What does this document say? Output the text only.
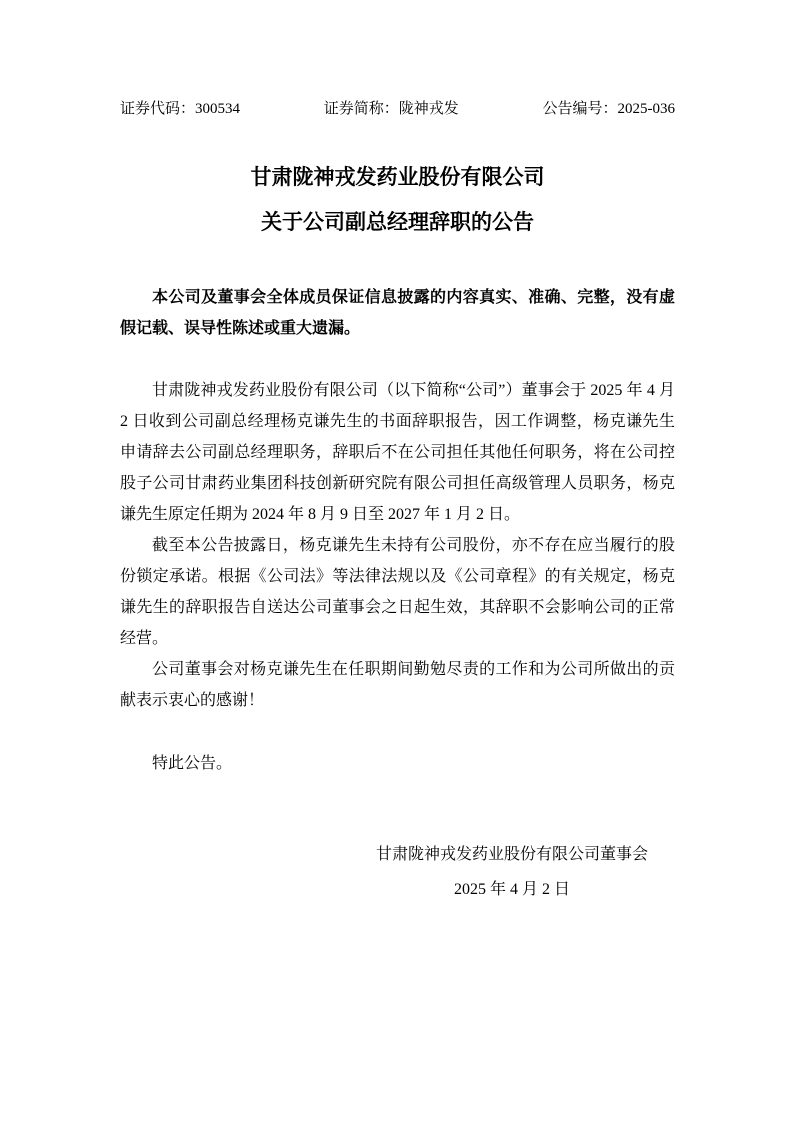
证券代码：300534	证券简称：陇神戎发	公告编号：2025-036
甘肃陇神戎发药业股份有限公司
关于公司副总经理辞职的公告

本公司及董事会全体成员保证信息披露的内容真实、准确、完整，没有虚假记载、误导性陈述或重大遗漏。

甘肃陇神戎发药业股份有限公司（以下简称“公司”）董事会于 2025 年 4 月 2 日收到公司副总经理杨克谦先生的书面辞职报告，因工作调整，杨克谦先生申请辞去公司副总经理职务，辞职后不在公司担任其他任何职务，将在公司控股子公司甘肃药业集团科技创新研究院有限公司担任高级管理人员职务，杨克谦先生原定任期为 2024 年 8 月 9 日至 2027 年 1 月 2 日。

截至本公告披露日，杨克谦先生未持有公司股份，亦不存在应当履行的股份锁定承诺。根据《公司法》等法律法规以及《公司章程》的有关规定，杨克谦先生的辞职报告自送达公司董事会之日起生效，其辞职不会影响公司的正常经营。

公司董事会对杨克谦先生在任职期间勤勉尽责的工作和为公司所做出的贡献表示衷心的感谢！

特此公告。

甘肃陇神戎发药业股份有限公司董事会
2025 年 4 月 2 日
